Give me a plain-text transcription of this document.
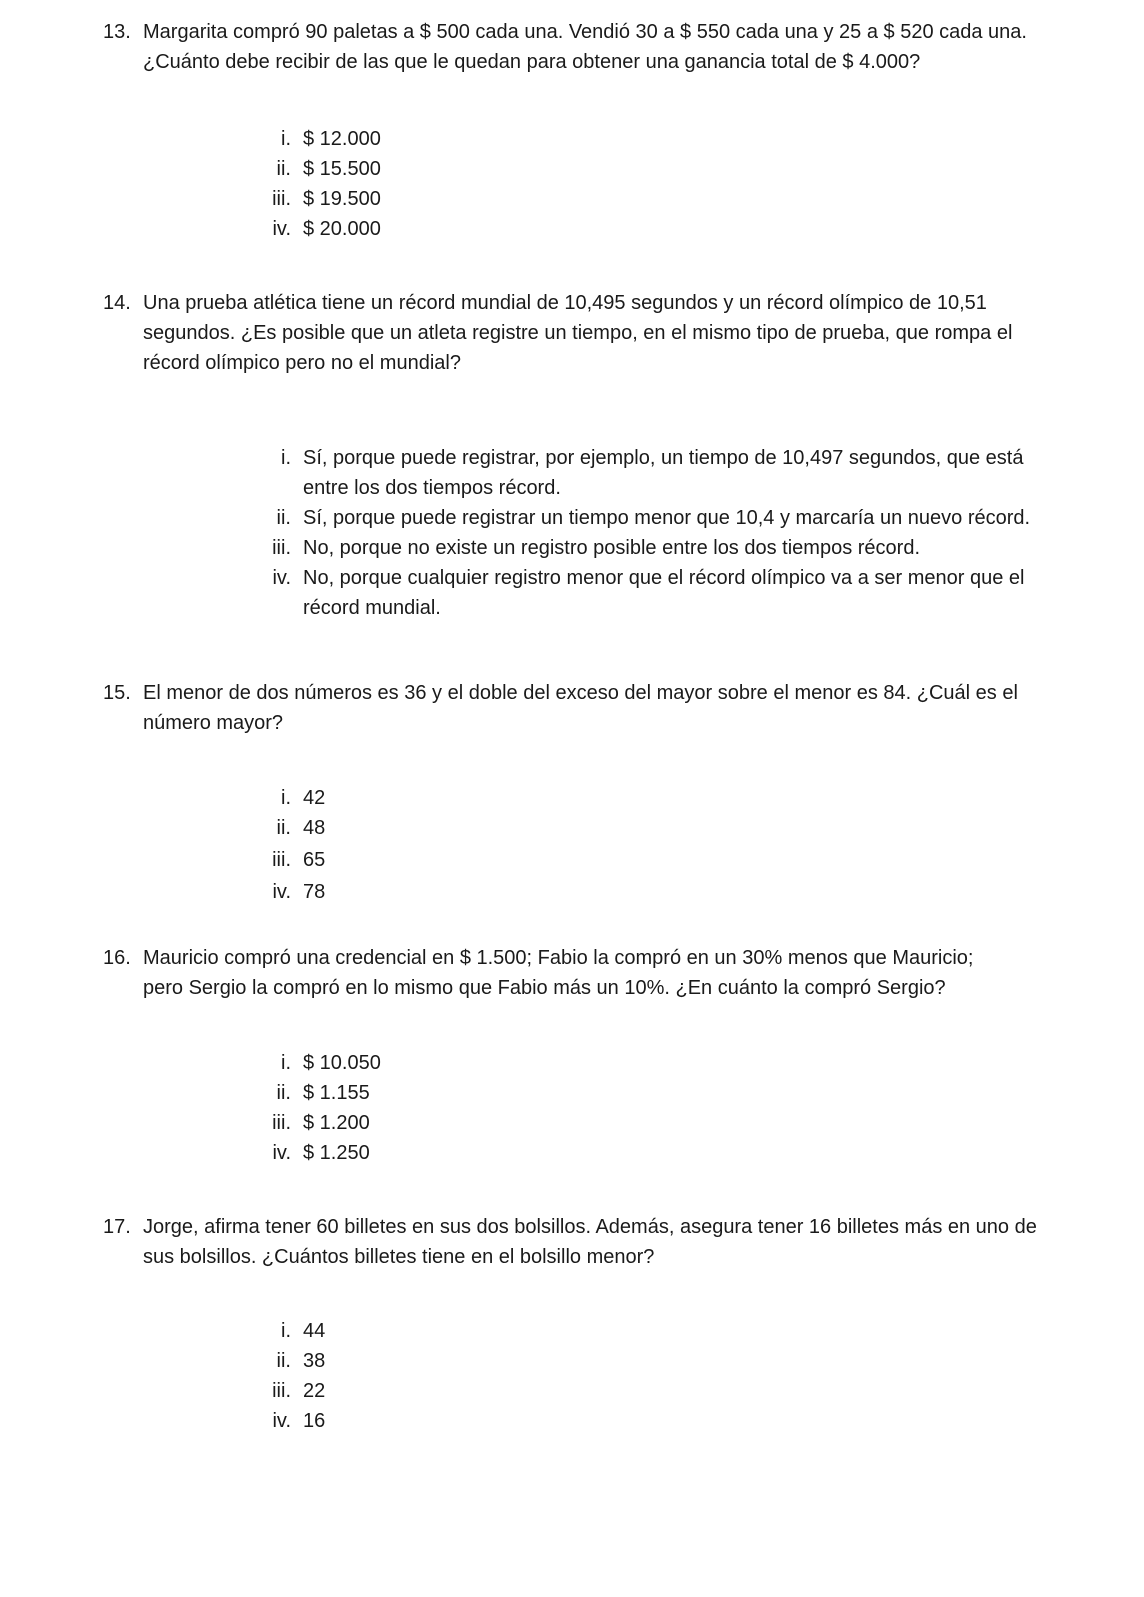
13. Margarita compró 90 paletas a $ 500 cada una. Vendió 30 a $ 550 cada una y 25 a $ 520 cada una. ¿Cuánto debe recibir de las que le quedan para obtener una ganancia total de $ 4.000?
i. $ 12.000
ii. $ 15.500
iii. $ 19.500
iv. $ 20.000
14. Una prueba atlética tiene un récord mundial de 10,495 segundos y un récord olímpico de 10,51 segundos. ¿Es posible que un atleta registre un tiempo, en el mismo tipo de prueba, que rompa el récord olímpico pero no el mundial?
i. Sí, porque puede registrar, por ejemplo, un tiempo de 10,497 segundos, que está entre los dos tiempos récord.
ii. Sí, porque puede registrar un tiempo menor que 10,4 y marcaría un nuevo récord.
iii. No, porque no existe un registro posible entre los dos tiempos récord.
iv. No, porque cualquier registro menor que el récord olímpico va a ser menor que el récord mundial.
15. El menor de dos números es 36 y el doble del exceso del mayor sobre el menor es 84. ¿Cuál es el número mayor?
i. 42
ii. 48
iii. 65
iv. 78
16. Mauricio compró una credencial en $ 1.500; Fabio la compró en un 30% menos que Mauricio; pero Sergio la compró en lo mismo que Fabio más un 10%. ¿En cuánto la compró Sergio?
i. $ 10.050
ii. $ 1.155
iii. $ 1.200
iv. $ 1.250
17. Jorge, afirma tener 60 billetes en sus dos bolsillos. Además, asegura tener 16 billetes más en uno de sus bolsillos. ¿Cuántos billetes tiene en el bolsillo menor?
i. 44
ii. 38
iii. 22
iv. 16
